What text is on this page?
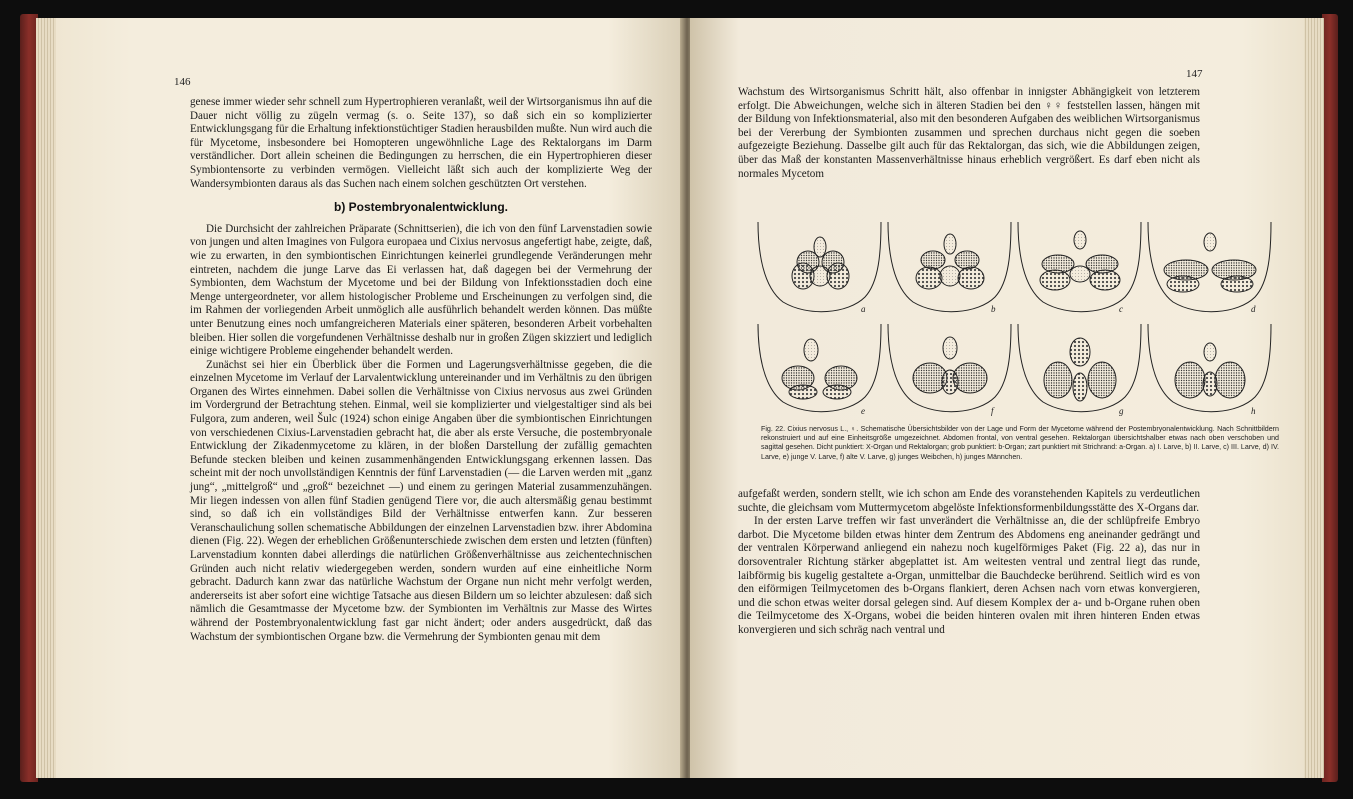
146

genese immer wieder sehr schnell zum Hypertrophieren veranlaßt, weil der Wirtsorganismus ihn auf die Dauer nicht völlig zu zügeln vermag (s. o. Seite 137), so daß sich ein so komplizierter Entwicklungsgang für die Erhaltung infektionstüchtiger Stadien herausbilden mußte. Nun wird auch die für Mycetome, insbesondere bei Homopteren ungewöhnliche Lage des Rektalorgans im Darm verständlicher. Dort allein scheinen die Bedingungen zu herrschen, die ein Hypertrophieren dieser Symbiontensorte zu verbinden vermögen. Vielleicht läßt sich auch der komplizierte Weg der Wandersymbionten daraus als das Suchen nach einem solchen geschützten Ort verstehen.

b) Postembryonalentwicklung.

Die Durchsicht der zahlreichen Präparate (Schnittserien), die ich von den fünf Larvenstadien sowie von jungen und alten Imagines von Fulgora europaea und Cixius nervosus angefertigt habe, zeigte, daß, wie zu erwarten, in den symbiontischen Einrichtungen keinerlei grundlegende Veränderungen mehr eintreten, nachdem die junge Larve das Ei verlassen hat, daß dagegen bei der Vermehrung der Symbionten, dem Wachstum der Mycetome und bei der Bildung von Infektionsstadien doch eine Menge untergeordneter, vor allem histologischer Probleme und Erscheinungen zu verfolgen sind, die im Rahmen der vorliegenden Arbeit unmöglich alle ausführlich behandelt werden können. Das müßte unter Benutzung eines noch umfangreicheren Materials einer späteren, besonderen Arbeit vorbehalten bleiben. Hier sollen die vorgefundenen Verhältnisse deshalb nur in großen Zügen skizziert und lediglich einige wichtigere Probleme eingehender behandelt werden.

Zunächst sei hier ein Überblick über die Formen und Lagerungsverhältnisse gegeben, die die einzelnen Mycetome im Verlauf der Larvalentwicklung untereinander und im Verhältnis zu den übrigen Organen des Wirtes einnehmen. Dabei sollen die Verhältnisse von Cixius nervosus aus zwei Gründen im Vordergrund der Betrachtung stehen. Einmal, weil sie komplizierter und vielgestaltiger sind als bei Fulgora, zum anderen, weil Šulc (1924) schon einige Angaben über die symbiontischen Einrichtungen von verschiedenen Cixius-Larvenstadien gebracht hat, die aber als erste Versuche, die postembryonale Entwicklung der Zikadenmycetome zu klären, in der bloßen Darstellung der zufällig gemachten Befunde stecken bleiben und keinen zusammenhängenden Entwicklungsgang erkennen lassen. Das scheint mit der noch unvollständigen Kenntnis der fünf Larvenstadien (— die Larven werden mit „ganz jung“, „mittelgroß“ und „groß“ bezeichnet —) und einem zu geringen Material zusammenzuhängen. Mir liegen indessen von allen fünf Stadien genügend Tiere vor, die auch altersmäßig genau bestimmt sind, so daß ich ein vollständiges Bild der Verhältnisse entwerfen kann. Zur besseren Veranschaulichung sollen schematische Abbildungen der einzelnen Larvenstadien bzw. ihrer Abdomina dienen (Fig. 22). Wegen der erheblichen Größenunterschiede zwischen dem ersten und letzten (fünften) Larvenstadium konnten dabei allerdings die natürlichen Größenverhältnisse aus zeichentechnischen Gründen auch nicht relativ wiedergegeben werden, sondern wurden auf eine einheitliche Norm gebracht. Dadurch kann zwar das natürliche Wachstum der Organe nun nicht mehr verfolgt werden, andererseits ist aber sofort eine wichtige Tatsache aus diesen Bildern um so leichter abzulesen: daß sich nämlich die Gesamtmasse der Mycetome bzw. der Symbionten im Verhältnis zur Masse des Wirtes während der Postembryonalentwicklung fast gar nicht ändert; oder anders ausgedrückt, daß das Wachstum der symbiontischen Organe bzw. die Vermehrung der Symbionten genau mit dem

147

Wachstum des Wirtsorganismus Schritt hält, also offenbar in innigster Abhängigkeit von letzterem erfolgt. Die Abweichungen, welche sich in älteren Stadien bei den ♀♀ feststellen lassen, hängen mit der Bildung von Infektionsmaterial, also mit den besonderen Aufgaben des weiblichen Wirtsorganismus bei der Vererbung der Symbionten zusammen und sprechen durchaus nicht gegen die soeben aufgezeigte Beziehung. Dasselbe gilt auch für das Rektalorgan, das sich, wie die Abbildungen zeigen, über das Maß der konstanten Massenverhältnisse hinaus erheblich vergrößert. Es darf eben nicht als normales Mycetom

a	b	c	d
e	f	g	h
Fig. 22. Cixius nervosus L., ♀. Schematische Übersichtsbilder von der Lage und Form der Mycetome während der Postembryonalentwicklung. Nach Schnittbildern rekonstruiert und auf eine Einheitsgröße umgezeichnet. Abdomen frontal, von ventral gesehen. Rektalorgan übersichtshalber etwas nach oben verschoben und sagittal gesehen. Dicht punktiert: X-Organ und Rektalorgan; grob punktiert: b-Organ; zart punktiert mit Strichrand: a-Organ. a) I. Larve, b) II. Larve, c) III. Larve, d) IV. Larve, e) junge V. Larve, f) alte V. Larve, g) junges Weibchen, h) junges Männchen.

aufgefaßt werden, sondern stellt, wie ich schon am Ende des voranstehenden Kapitels zu verdeutlichen suchte, die gleichsam vom Muttermycetom abgelöste Infektionsformenbildungsstätte des X-Organs dar.

In der ersten Larve treffen wir fast unverändert die Verhältnisse an, die der schlüpfreife Embryo darbot. Die Mycetome bilden etwas hinter dem Zentrum des Abdomens eng aneinander gedrängt und der ventralen Körperwand anliegend ein nahezu noch kugelförmiges Paket (Fig. 22 a), das nur in dorsoventraler Richtung stärker abgeplattet ist. Am weitesten ventral und zentral liegt das runde, laibförmig bis kugelig gestaltete a-Organ, unmittelbar die Bauchdecke berührend. Seitlich wird es von den eiförmigen Teilmycetomen des b-Organs flankiert, deren Achsen nach vorn etwas konvergieren, und die schon etwas weiter dorsal gelegen sind. Auf diesem Komplex der a- und b-Organe ruhen oben die Teilmycetome des X-Organs, wobei die beiden hinteren ovalen mit ihren hinteren Enden etwas konvergieren und sich schräg nach ventral und
